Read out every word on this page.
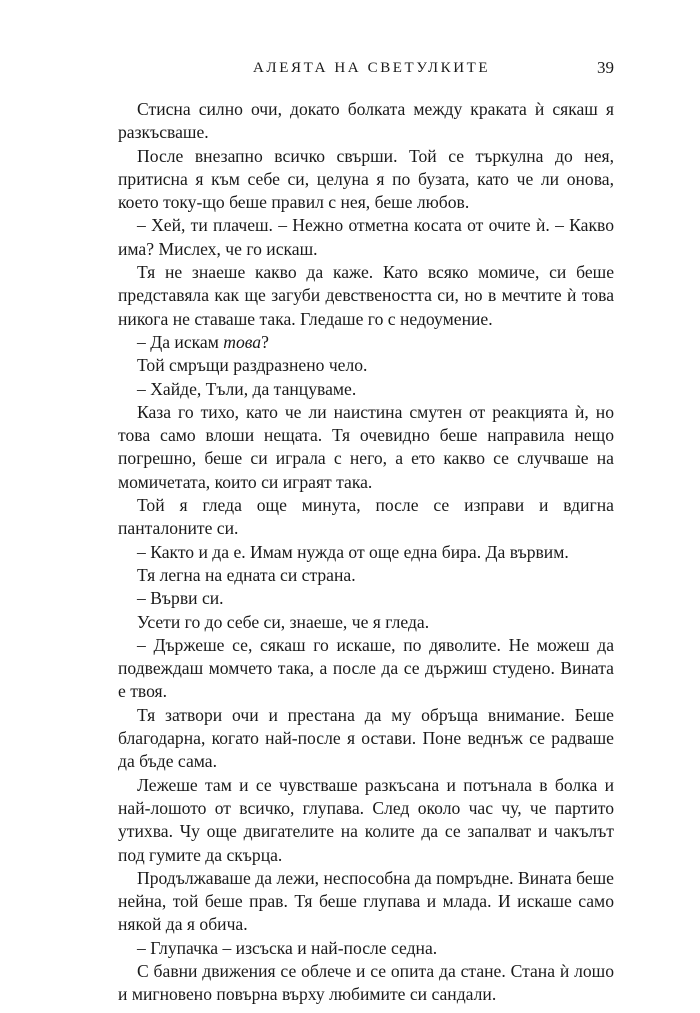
АЛЕЯТА НА СВЕТУЛКИТЕ	39

Стисна силно очи, докато болката между краката ѝ сякаш я разкъсваше.

После внезапно всичко свърши. Той се търкулна до нея, притисна я към себе си, целуна я по бузата, като че ли онова, което току-що беше правил с нея, беше любов.

– Хей, ти плачеш. – Нежно отметна косата от очите ѝ. – Какво има? Мислех, че го искаш.

Тя не знаеше какво да каже. Като всяко момиче, си беше представяла как ще загуби девствеността си, но в мечтите ѝ това никога не ставаше така. Гледаше го с недоумение.

– Да искам това?

Той смръщи раздразнено чело.

– Хайде, Тъли, да танцуваме.

Каза го тихо, като че ли наистина смутен от реакцията ѝ, но това само влоши нещата. Тя очевидно беше направила нещо погрешно, беше си играла с него, а ето какво се случваше на момичетата, които си играят така.

Той я гледа още минута, после се изправи и вдигна панталоните си.

– Както и да е. Имам нужда от още една бира. Да вървим.

Тя легна на едната си страна.

– Върви си.

Усети го до себе си, знаеше, че я гледа.

– Държеше се, сякаш го искаше, по дяволите. Не можеш да подвеждаш момчето така, а после да се държиш студено. Вината е твоя.

Тя затвори очи и престана да му обръща внимание. Беше благодарна, когато най-после я остави. Поне веднъж се радваше да бъде сама.

Лежеше там и се чувстваше разкъсана и потънала в болка и най-лошото от всичко, глупава. След около час чу, че партито утихва. Чу още двигателите на колите да се запалват и чакълът под гумите да скърца.

Продължаваше да лежи, неспособна да помръдне. Вината беше нейна, той беше прав. Тя беше глупава и млада. И искаше само някой да я обича.

– Глупачка – изсъска и най-после седна.

С бавни движения се облече и се опита да стане. Стана ѝ лошо и мигновено повърна върху любимите си сандали.
